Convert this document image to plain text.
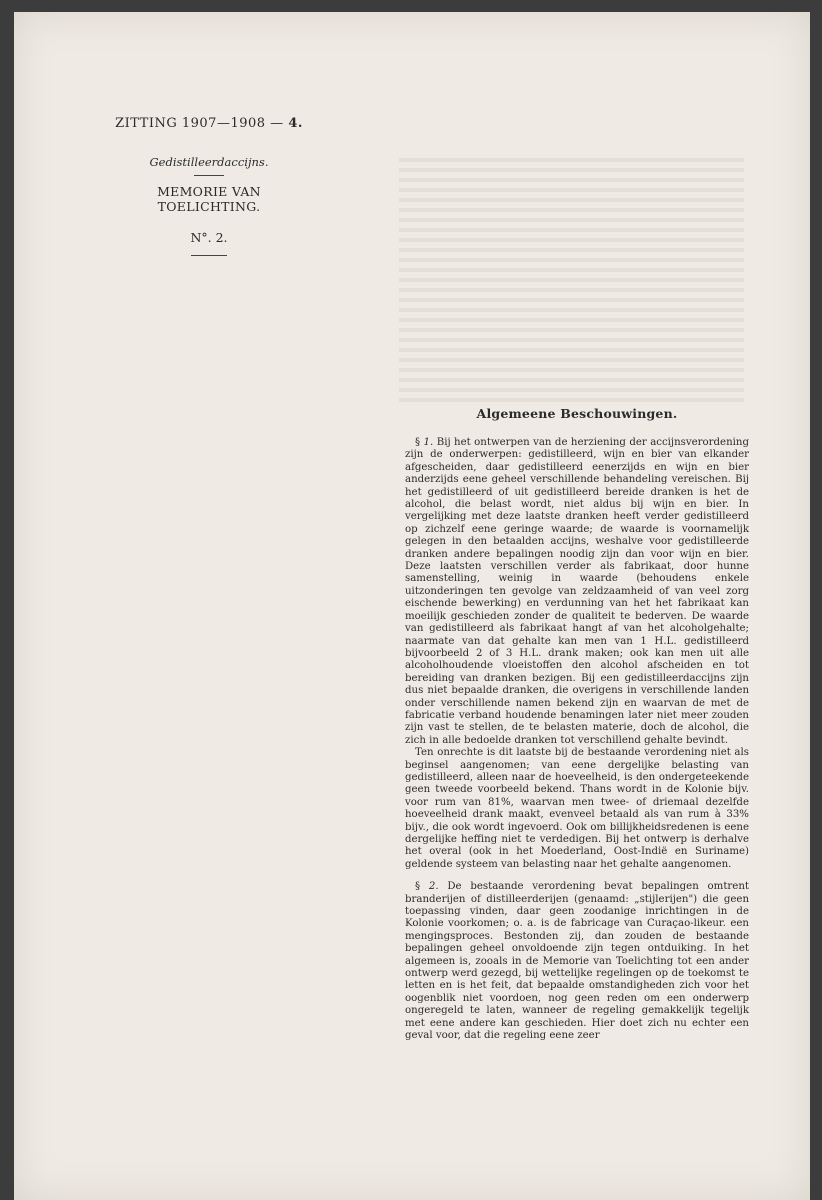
ZITTING 1907—1908 — 4.
Gedistilleerdaccijns.
MEMORIE VAN TOELICHTING.
N°. 2.
Algemeene Beschouwingen.

§ 1. Bij het ontwerpen van de herziening der accijnsverordening zijn de onderwerpen: gedistilleerd, wijn en bier van elkander afgescheiden, daar gedistilleerd eenerzijds en wijn en bier anderzijds eene geheel verschillende behandeling vereischen. Bij het gedistilleerd of uit gedistilleerd bereide dranken is het de alcohol, die belast wordt, niet aldus bij wijn en bier. In vergelijking met deze laatste dranken heeft verder gedistilleerd op zichzelf eene geringe waarde; de waarde is voornamelijk gelegen in den betaalden accijns, weshalve voor gedistilleerde dranken andere bepalingen noodig zijn dan voor wijn en bier. Deze laatsten verschillen verder als fabrikaat, door hunne samenstelling, weinig in waarde (behoudens enkele uitzonderingen ten gevolge van zeldzaamheid of van veel zorg eischende bewerking) en verdunning van het het fabrikaat kan moeilijk geschieden zonder de qualiteit te bederven. De waarde van gedistilleerd als fabrikaat hangt af van het alcoholgehalte; naarmate van dat gehalte kan men van 1 H.L. gedistilleerd bijvoorbeeld 2 of 3 H.L. drank maken; ook kan men uit alle alcoholhoudende vloeistoffen den alcohol afscheiden en tot bereiding van dranken bezigen. Bij een gedistilleerdaccijns zijn dus niet bepaalde dranken, die overigens in verschillende landen onder verschillende namen bekend zijn en waarvan de met de fabricatie verband houdende benamingen later niet meer zouden zijn vast te stellen, de te belasten materie, doch de alcohol, die zich in alle bedoelde dranken tot verschillend gehalte bevindt.

Ten onrechte is dit laatste bij de bestaande verordening niet als beginsel aangenomen; van eene dergelijke belasting van gedistilleerd, alleen naar de hoeveelheid, is den ondergeteekende geen tweede voorbeeld bekend. Thans wordt in de Kolonie bijv. voor rum van 81%, waarvan men twee- of driemaal dezelfde hoeveelheid drank maakt, evenveel betaald als van rum à 33% bijv., die ook wordt ingevoerd. Ook om billijkheidsredenen is eene dergelijke heffing niet te verdedigen. Bij het ontwerp is derhalve het overal (ook in het Moederland, Oost-Indië en Suriname) geldende systeem van belasting naar het gehalte aangenomen.

§ 2. De bestaande verordening bevat bepalingen omtrent branderijen of distilleerderijen (genaamd: „stijlerijen") die geen toepassing vinden, daar geen zoodanige inrichtingen in de Kolonie voorkomen; o. a. is de fabricage van Curaçao-likeur. een mengingsproces. Bestonden zij, dan zouden de bestaande bepalingen geheel onvoldoende zijn tegen ontduiking. In het algemeen is, zooals in de Memorie van Toelichting tot een ander ontwerp werd gezegd, bij wettelijke regelingen op de toekomst te letten en is het feit, dat bepaalde omstandigheden zich voor het oogenblik niet voordoen, nog geen reden om een onderwerp ongeregeld te laten, wanneer de regeling gemakkelijk tegelijk met eene andere kan geschieden. Hier doet zich nu echter een geval voor, dat die regeling eene zeer
